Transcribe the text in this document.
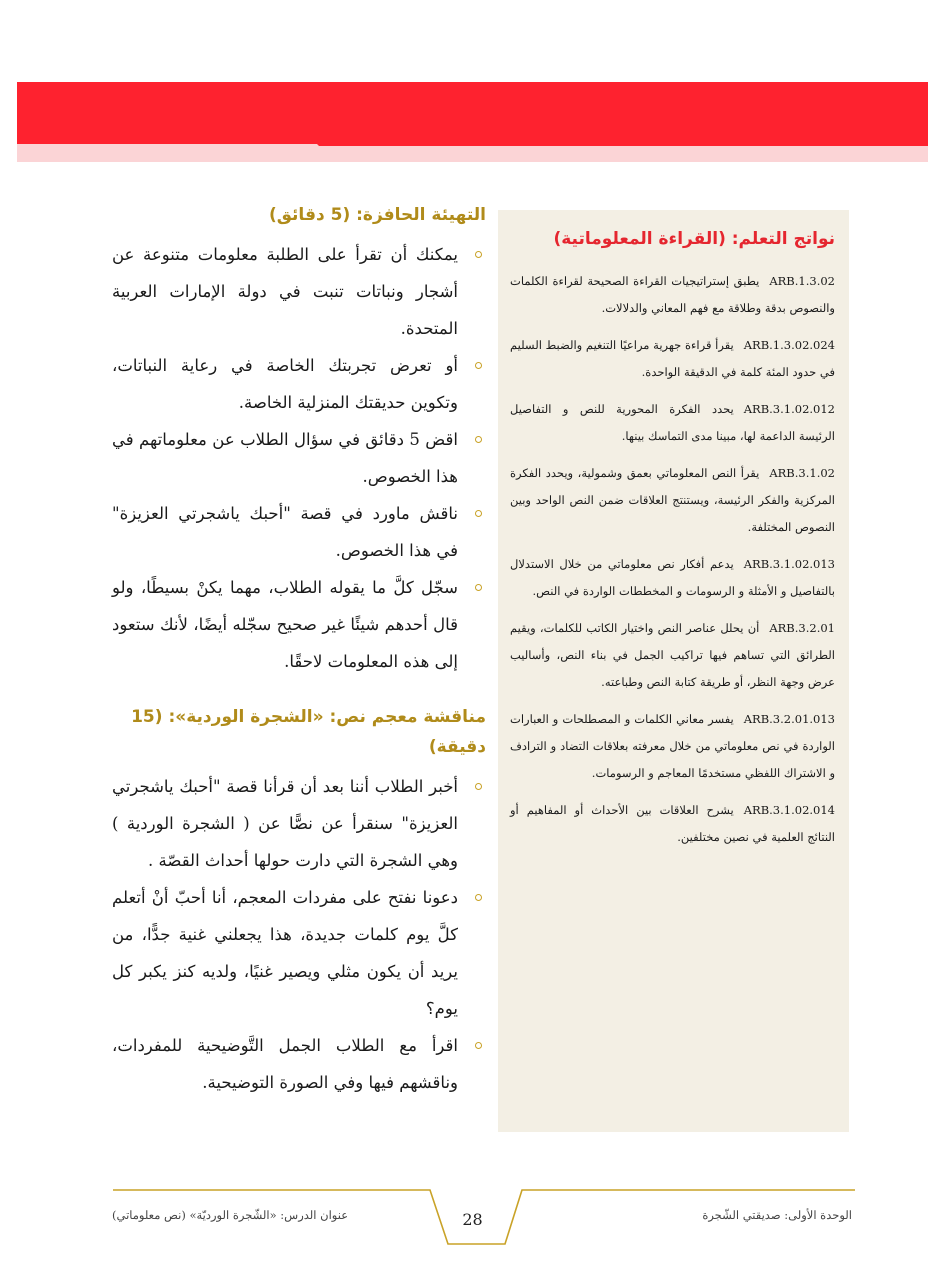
نواتج التعلم: (القراءة المعلوماتية)
ARB.1.3.02يطبق إستراتيجيات القراءة الصحيحة لقراءة الكلمات والنصوص بدقة وطلاقة مع فهم المعاني والدلالات.
ARB.1.3.02.024يقرأ قراءة جهرية مراعيًا التنغيم والضبط السليم في حدود المئة كلمة في الدقيقة الواحدة.
ARB.3.1.02.012يحدد الفكرة المحورية للنص و التفاصيل الرئيسة الداعمة لها، مبينا مدى التماسك بينها.
ARB.3.1.02يقرأ النص المعلوماتي بعمق وشمولية، ويحدد الفكرة المركزية والفكر الرئيسة، ويستنتج العلاقات ضمن النص الواحد وبين النصوص المختلفة.
ARB.3.1.02.013يدعم أفكار نص معلوماتي من خلال الاستدلال بالتفاصيل و الأمثلة و الرسومات و المخططات الواردة في النص.
ARB.3.2.01أن يحلل عناصر النص واختيار الكاتب للكلمات، ويقيم الطرائق التي تساهم فيها تراكيب الجمل في بناء النص، وأساليب عرض وجهة النظر، أو طريقة كتابة النص وطباعته.
ARB.3.2.01.013يفسر معاني الكلمات و المصطلحات و العبارات الواردة في نص معلوماتي من خلال معرفته بعلاقات التضاد و الترادف و الاشتراك اللفظي مستخدمًا المعاجم و الرسومات.
ARB.3.1.02.014يشرح العلاقات بين الأحداث أو المفاهيم أو النتائج العلمية في نصين مختلفين.
التهيئة الحافزة: (5 دقائق)
يمكنك أن تقرأ على الطلبة معلومات متنوعة عن أشجار ونباتات تنبت في دولة الإمارات العربية المتحدة.
أو تعرض تجربتك الخاصة في رعاية النباتات، وتكوين حديقتك المنزلية الخاصة.
اقض 5 دقائق في سؤال الطلاب عن معلوماتهم في هذا الخصوص.
ناقش ماورد في قصة "أحبك ياشجرتي العزيزة" في هذا الخصوص.
سجّل كلَّ ما يقوله الطلاب، مهما يكنْ بسيطًا، ولو قال أحدهم شيئًا غير صحيح سجّله أيضًا، لأنك ستعود إلى هذه المعلومات لاحقًا.
مناقشة معجم نص: «الشجرة الوردية»: (15 دقيقة)
أخبر الطلاب أننا بعد أن قرأنا قصة "أحبك ياشجرتي العزيزة" سنقرأ عن نصًّا عن ( الشجرة الوردية ) وهي الشجرة التي دارت حولها أحداث القصّة .
دعونا نفتح على مفردات المعجم، أنا أحبّ أنْ أتعلم كلَّ يوم كلمات جديدة، هذا يجعلني غنية جدًّا، من يريد أن يكون مثلي ويصير غنيًا، ولديه كنز يكبر كل يوم؟
اقرأ مع الطلاب الجمل التَّوضيحية للمفردات، وناقشهم فيها وفي الصورة التوضيحية.
عنوان الدرس: «الشّجرة الورديّة» (نص معلوماتي)	28	الوحدة الأولى: صديقتي الشّجرة
